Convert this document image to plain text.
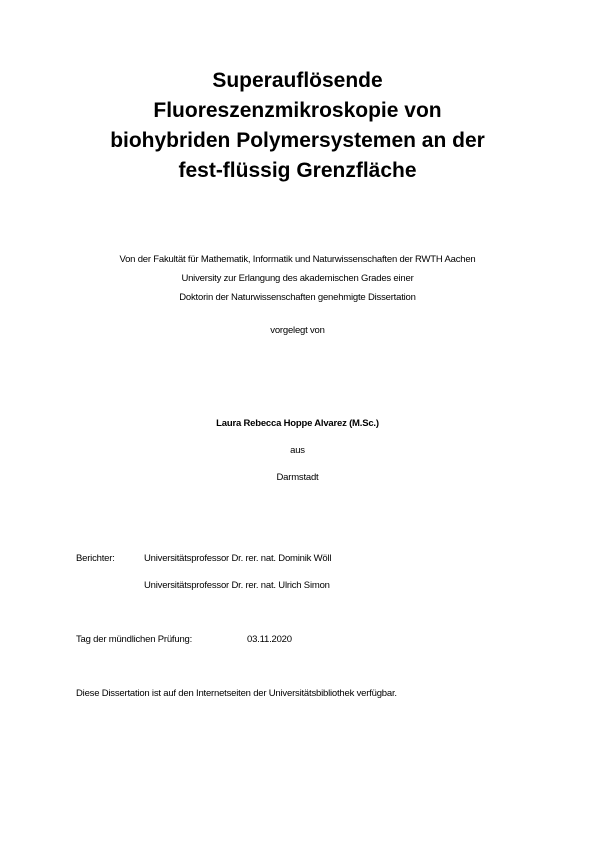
Superauflösende
Fluoreszenzmikroskopie von
biohybriden Polymersystemen an der
fest-flüssig Grenzfläche
Von der Fakultät für Mathematik, Informatik und Naturwissenschaften der RWTH Aachen
University zur Erlangung des akademischen Grades einer
Doktorin der Naturwissenschaften genehmigte Dissertation
vorgelegt von
Laura Rebecca Hoppe Alvarez (M.Sc.)
aus
Darmstadt
Berichter:	Universitätsprofessor Dr. rer. nat. Dominik Wöll
Universitätsprofessor Dr. rer. nat. Ulrich Simon
Tag der mündlichen Prüfung:	03.11.2020
Diese Dissertation ist auf den Internetseiten der Universitätsbibliothek verfügbar.
